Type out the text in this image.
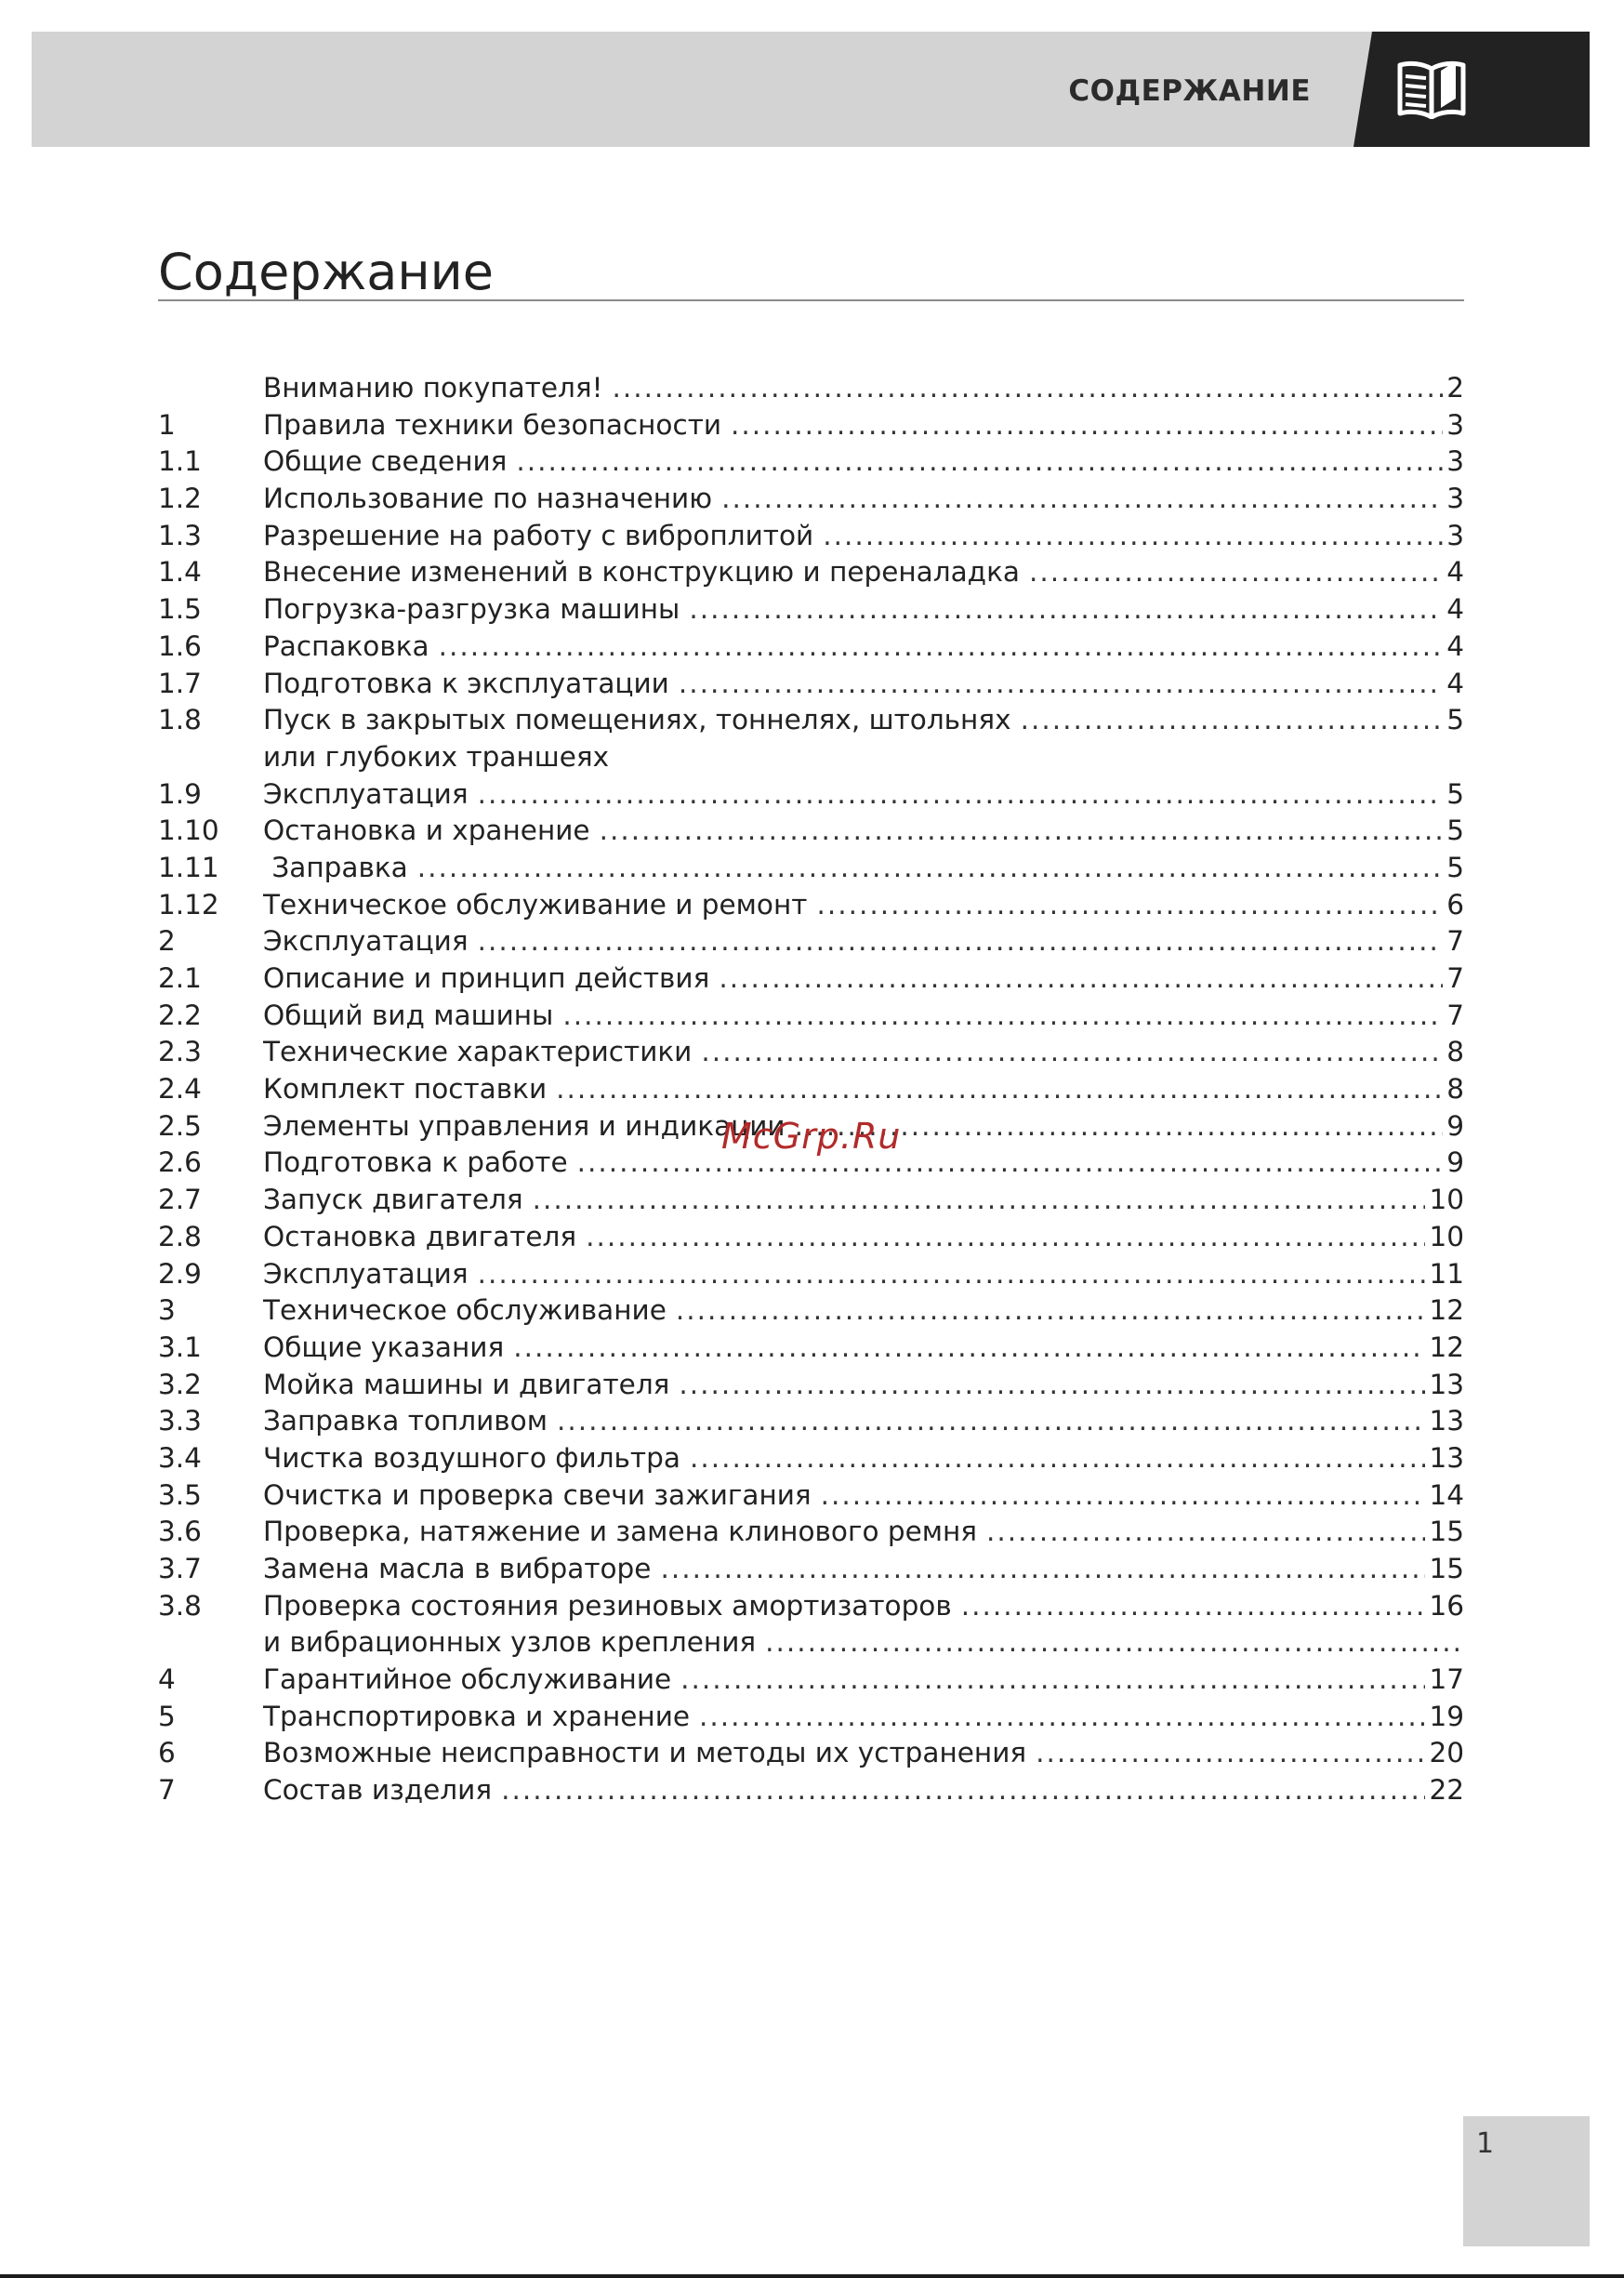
СОДЕРЖАНИЕ
Содержание
Вниманию покупателя! .....	2
1	Правила техники безопасности .....	3
1.1	Общие сведения .....	3
1.2	Использование по назначению .....	3
1.3	Разрешение на работу с виброплитой .....	3
1.4	Внесение изменений в конструкцию и переналадка .....	4
1.5	Погрузка-разгрузка машины .....	4
1.6	Распаковка .....	4
1.7	Подготовка к эксплуатации .....	4
1.8	Пуск в закрытых помещениях, тоннелях, штольнях .....	5
или глубоких траншеях
1.9	Эксплуатация .....	5
1.10	Остановка и хранение .....	5
1.11	Заправка .....	5
1.12	Техническое обслуживание и ремонт .....	6
2	Эксплуатация .....	7
2.1	Описание и принцип действия .....	7
2.2	Общий вид машины .....	7
2.3	Технические характеристики .....	8
2.4	Комплект поставки .....	8
2.5	Элементы управления и индикации .....	9
2.6	Подготовка к работе .....	9
2.7	Запуск двигателя .....	10
2.8	Остановка двигателя .....	10
2.9	Эксплуатация .....	11
3	Техническое обслуживание .....	12
3.1	Общие указания .....	12
3.2	Мойка машины и двигателя .....	13
3.3	Заправка топливом .....	13
3.4	Чистка воздушного фильтра .....	13
3.5	Очистка и проверка свечи зажигания .....	14
3.6	Проверка, натяжение и замена клинового ремня .....	15
3.7	Замена масла в вибраторе .....	15
3.8	Проверка состояния резиновых амортизаторов .....	16
и вибрационных узлов крепления
.....
4	Гарантийное обслуживание .....	17
5	Транспортировка и хранение .....	19
6	Возможные неисправности и методы их устранения .....	20
7	Состав изделия .....	22
McGrp.Ru
1
